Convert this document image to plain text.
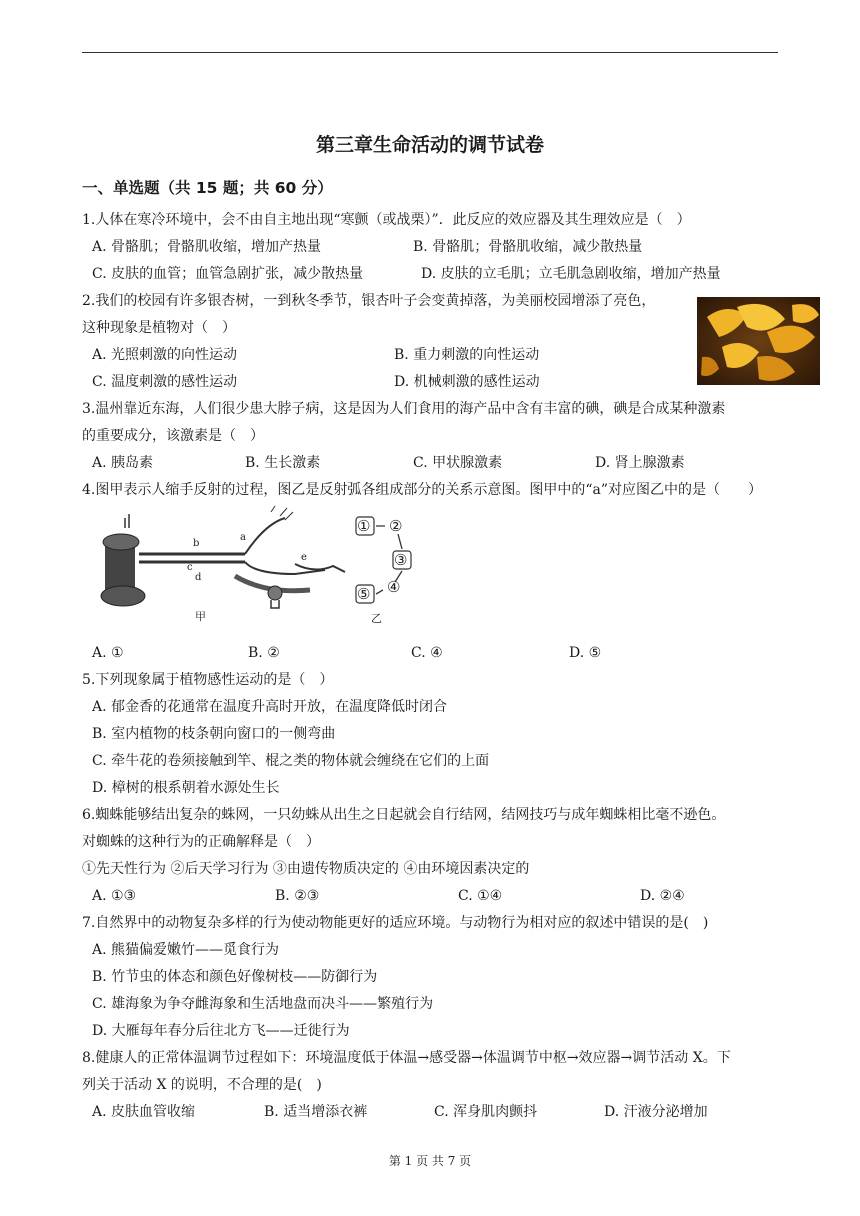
第三章生命活动的调节试卷
一、单选题（共 15 题；共 60 分）
1.人体在寒冷环境中，会不由自主地出现“寒颤（或战栗）”．此反应的效应器及其生理效应是（　）
A. 骨骼肌；骨骼肌收缩，增加产热量	B. 骨骼肌；骨骼肌收缩，减少散热量
C. 皮肤的血管；血管急剧扩张，减少散热量	D. 皮肤的立毛肌；立毛肌急剧收缩，增加产热量
2.我们的校园有许多银杏树，一到秋冬季节，银杏叶子会变黄掉落，为美丽校园增添了亮色，
这种现象是植物对（　）
A. 光照刺激的向性运动	B. 重力刺激的向性运动
C. 温度刺激的感性运动	D. 机械刺激的感性运动
3.温州靠近东海，人们很少患大脖子病，这是因为人们食用的海产品中含有丰富的碘，碘是合成某种激素
的重要成分，该激素是（　）
A. 胰岛素	B. 生长激素	C. 甲状腺激素	D. 肾上腺激素
4.图甲表示人缩手反射的过程，图乙是反射弧各组成部分的关系示意图。图甲中的“a”对应图乙中的是（　　）
b
a
c
d
e
甲
① ②
③
④
⑤
乙
A. ①	B. ②	C. ④	D. ⑤
5.下列现象属于植物感性运动的是（　）
A. 郁金香的花通常在温度升高时开放，在温度降低时闭合
B. 室内植物的枝条朝向窗口的一侧弯曲
C. 牵牛花的卷须接触到竿、棍之类的物体就会缠绕在它们的上面
D. 樟树的根系朝着水源处生长
6.蜘蛛能够结出复杂的蛛网，一只幼蛛从出生之日起就会自行结网，结网技巧与成年蜘蛛相比毫不逊色。
对蜘蛛的这种行为的正确解释是（　）
①先天性行为 ②后天学习行为 ③由遗传物质决定的 ④由环境因素决定的
A. ①③	B. ②③	C. ①④	D. ②④
7.自然界中的动物复杂多样的行为使动物能更好的适应环境。与动物行为相对应的叙述中错误的是(　)
A. 熊猫偏爱嫩竹——觅食行为
B. 竹节虫的体态和颜色好像树枝——防御行为
C. 雄海象为争夺雌海象和生活地盘而决斗——繁殖行为
D. 大雁每年春分后往北方飞——迁徙行为
8.健康人的正常体温调节过程如下：环境温度低于体温→感受器→体温调节中枢→效应器→调节活动 X。下
列关于活动 X 的说明，不合理的是(　)
A. 皮肤血管收缩	B. 适当增添衣裤	C. 浑身肌肉颤抖	D. 汗液分泌增加
第 1 页 共 7 页
